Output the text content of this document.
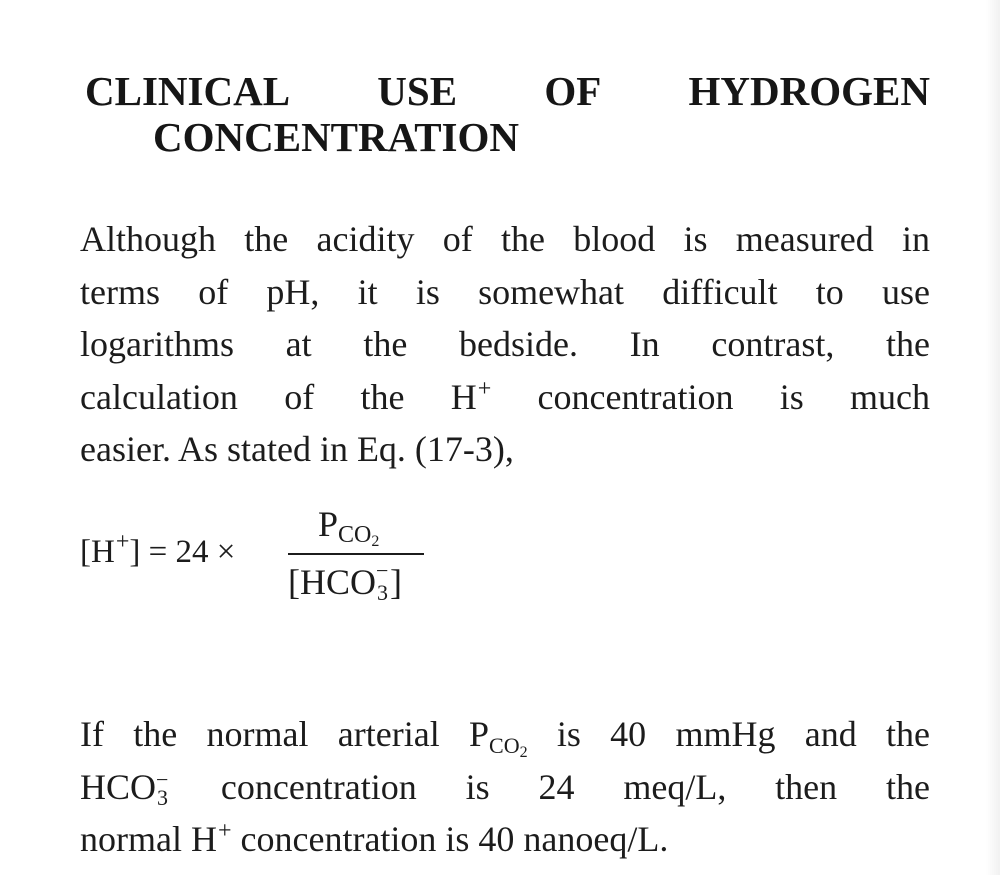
CLINICAL USE OF HYDROGEN
CONCENTRATION
Although the acidity of the blood is measured in
terms of pH, it is somewhat difficult to use
logarithms at the bedside. In contrast, the
calculation of the H+ concentration is much
easier. As stated in Eq. (17-3),
[H+] = 24 ×
$P_{CO_2}$
[HCO −
3 ]
If the normal arterial $P_{CO_2}$ is 40 mmHg and the
HCO −
3 concentration is 24 meq/L, then the
normal H+ concentration is 40 nanoeq/L.
